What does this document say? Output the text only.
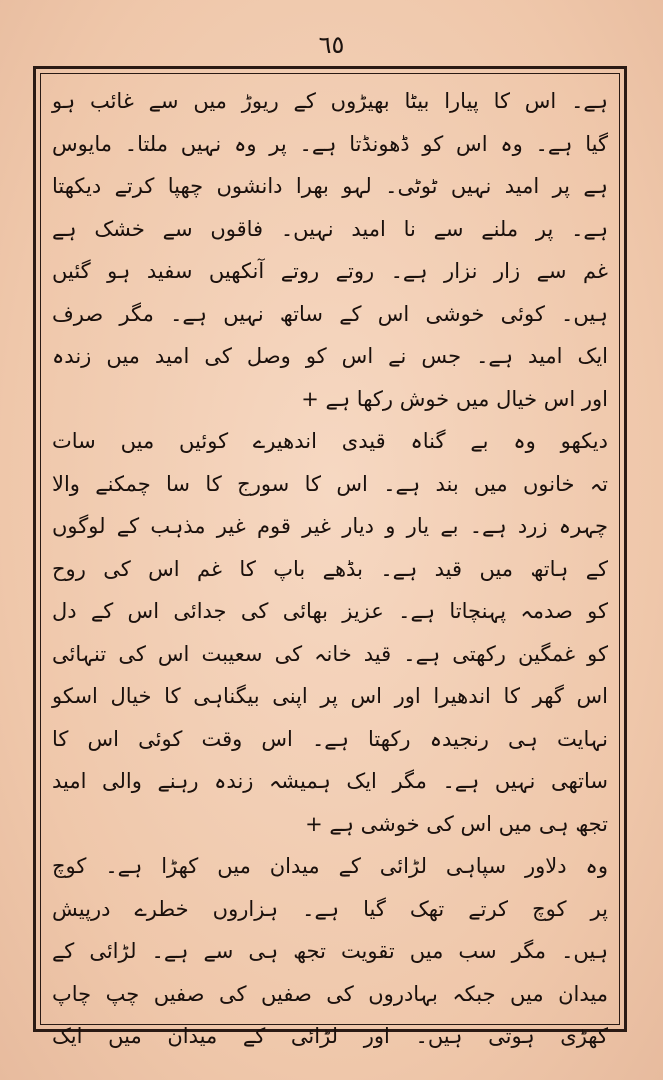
٦٥
ہے۔ اس کا پیارا بیٹا بھیڑوں کے ریوڑ میں سے غائب ہو
گیا ہے۔ وہ اس کو ڈھونڈتا ہے۔ پر وہ نہیں ملتا۔ مایوس
ہے پر امید نہیں ٹوٹی۔ لہو بھرا دانشوں چھپا کرتے دیکھتا
ہے۔ پر ملنے سے نا امید نہیں۔ فاقوں سے خشک ہے
غم سے زار نزار ہے۔ روتے روتے آنکھیں سفید ہو گئیں
ہیں۔ کوئی خوشی اس کے ساتھ نہیں ہے۔ مگر صرف
ایک امید ہے۔ جس نے اس کو وصل کی امید میں زندہ
اور اس خیال میں خوش رکھا ہے +
دیکھو وہ بے گناہ قیدی اندھیرے کوئیں میں سات
تہ خانوں میں بند ہے۔ اس کا سورج کا سا چمکنے والا
چہرہ زرد ہے۔ بے یار و دیار غیر قوم غیر مذہب کے لوگوں
کے ہاتھ میں قید ہے۔ بڈھے باپ کا غم اس کی روح
کو صدمہ پہنچاتا ہے۔ عزیز بھائی کی جدائی اس کے دل
کو غمگین رکھتی ہے۔ قید خانہ کی سعیبت اس کی تنہائی
اس گھر کا اندھیرا اور اس پر اپنی بیگناہی کا خیال اسکو
نہایت ہی رنجیدہ رکھتا ہے۔ اس وقت کوئی اس کا
ساتھی نہیں ہے۔ مگر ایک ہمیشہ زندہ رہنے والی امید
تجھ ہی میں اس کی خوشی ہے +
وہ دلاور سپاہی لڑائی کے میدان میں کھڑا ہے۔ کوچ
پر کوچ کرتے تھک گیا ہے۔ ہزاروں خطرے درپیش
ہیں۔ مگر سب میں تقویت تجھ ہی سے ہے۔ لڑائی کے
میدان میں جبکہ بہادروں کی صفیں کی صفیں چپ چاپ
کھڑی ہوتی ہیں۔ اور لڑائی کے میدان میں ایک
